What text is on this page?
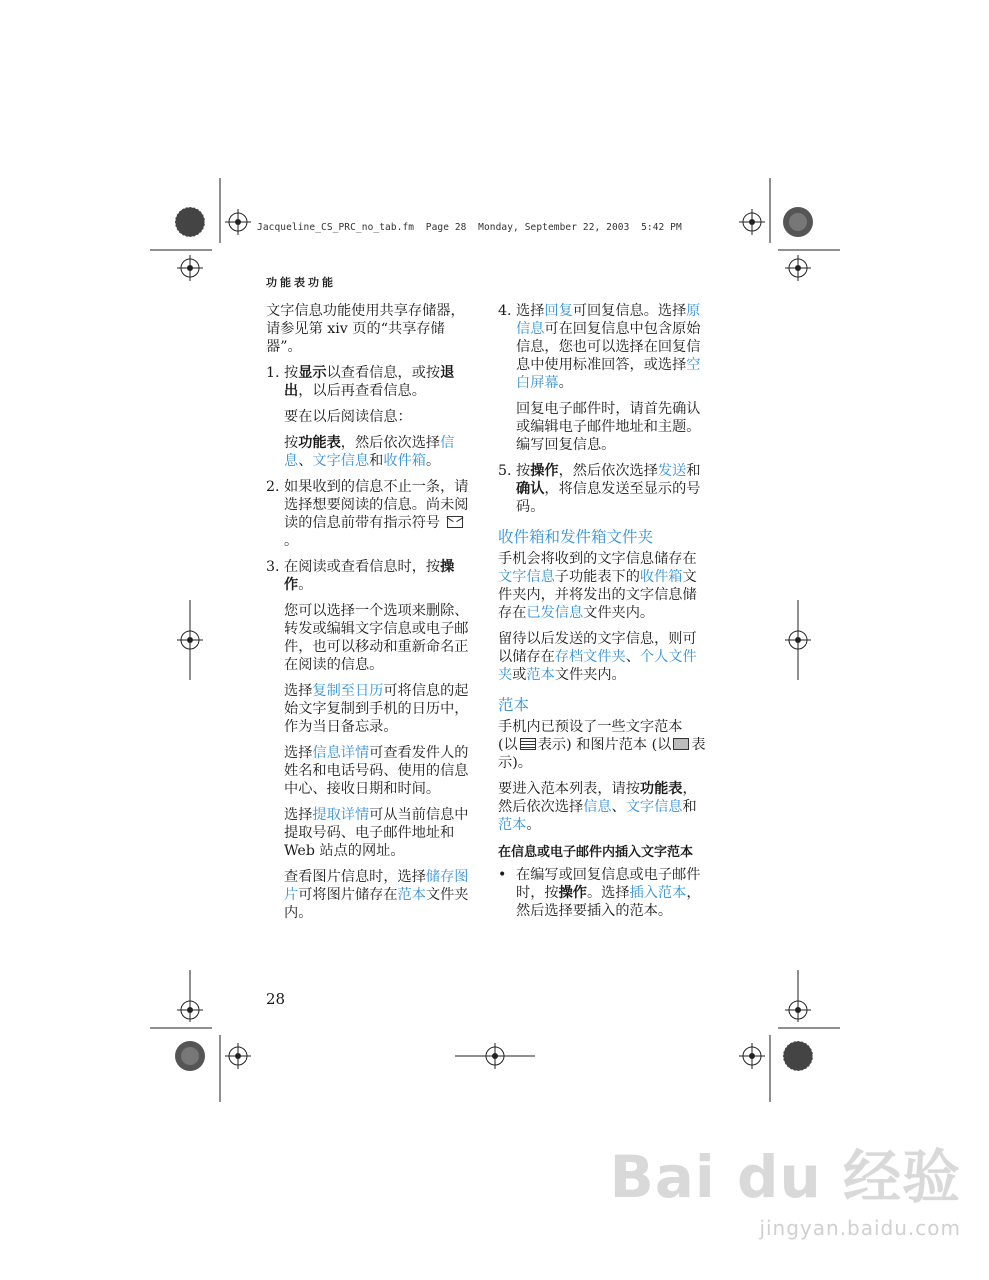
Jacqueline_CS_PRC_no_tab.fm  Page 28  Monday, September 22, 2003  5:42 PM
功能表功能

文字信息功能使用共享存储器，请参见第 xiv 页的“共享存储器”。

1. 按显示以查看信息，或按退出，以后再查看信息。

要在以后阅读信息：

按功能表，然后依次选择信息、文字信息和收件箱。

2. 如果收到的信息不止一条，请选择想要阅读的信息。尚未阅读的信息前带有指示符号 。
3. 在阅读或查看信息时，按操作。

您可以选择一个选项来删除、转发或编辑文字信息或电子邮件，也可以移动和重新命名正在阅读的信息。

选择复制至日历可将信息的起始文字复制到手机的日历中，作为当日备忘录。

选择信息详情可查看发件人的姓名和电话号码、使用的信息中心、接收日期和时间。

选择提取详情可从当前信息中提取号码、电子邮件地址和 Web 站点的网址。

查看图片信息时，选择储存图片可将图片储存在范本文件夹内。

4. 选择回复可回复信息。选择原信息可在回复信息中包含原始信息，您也可以选择在回复信息中使用标准回答，或选择空白屏幕。

回复电子邮件时，请首先确认或编辑电子邮件地址和主题。编写回复信息。

5. 按操作，然后依次选择发送和确认，将信息发送至显示的号码。
收件箱和发件箱文件夹

手机会将收到的文字信息储存在文字信息子功能表下的收件箱文件夹内，并将发出的文字信息储存在已发信息文件夹内。

留待以后发送的文字信息，则可以储存在存档文件夹、个人文件夹或范本文件夹内。

范本

手机内已预设了一些文字范本 (以 表示) 和图片范本 (以 表示)。

要进入范本列表，请按功能表，然后依次选择信息、文字信息和范本。

在信息或电子邮件内插入文字范本
• 在编写或回复信息或电子邮件时，按操作。选择插入范本，然后选择要插入的范本。
28
Bai du 经验
jingyan.baidu.com
